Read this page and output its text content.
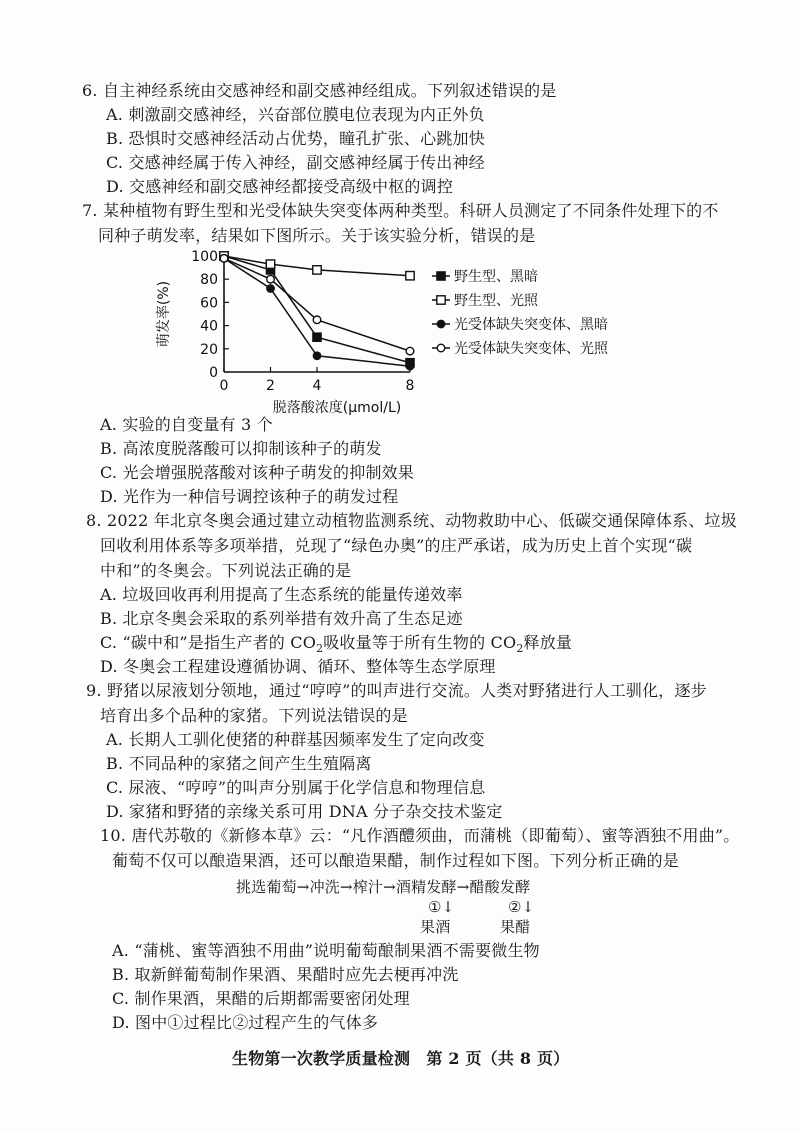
6. 自主神经系统由交感神经和副交感神经组成。下列叙述错误的是
A. 刺激副交感神经，兴奋部位膜电位表现为内正外负
B. 恐惧时交感神经活动占优势，瞳孔扩张、心跳加快
C. 交感神经属于传入神经，副交感神经属于传出神经
D. 交感神经和副交感神经都接受高级中枢的调控
7. 某种植物有野生型和光受体缺失突变体两种类型。科研人员测定了不同条件处理下的不
同种子萌发率，结果如下图所示。关于该实验分析，错误的是
100
80
60
40
20
0
0	2	4	8
脱落酸浓度(μmol/L)
萌发率(%)
野生型、黑暗
野生型、光照
光受体缺失突变体、黑暗
光受体缺失突变体、光照
A. 实验的自变量有 3 个
B. 高浓度脱落酸可以抑制该种子的萌发
C. 光会增强脱落酸对该种子萌发的抑制效果
D. 光作为一种信号调控该种子的萌发过程
8. 2022 年北京冬奥会通过建立动植物监测系统、动物救助中心、低碳交通保障体系、垃圾
回收利用体系等多项举措，兑现了“绿色办奥”的庄严承诺，成为历史上首个实现“碳
中和”的冬奥会。下列说法正确的是
A. 垃圾回收再利用提高了生态系统的能量传递效率
B. 北京冬奥会采取的系列举措有效升高了生态足迹
C. “碳中和”是指生产者的 $CO_2$吸收量等于所有生物的 $CO_2$释放量
D. 冬奥会工程建设遵循协调、循环、整体等生态学原理
9. 野猪以尿液划分领地，通过“哼哼”的叫声进行交流。人类对野猪进行人工驯化，逐步
培育出多个品种的家猪。下列说法错误的是
A. 长期人工驯化使猪的种群基因频率发生了定向改变
B. 不同品种的家猪之间产生生殖隔离
C. 尿液、“哼哼”的叫声分别属于化学信息和物理信息
D. 家猪和野猪的亲缘关系可用 DNA 分子杂交技术鉴定
10. 唐代苏敬的《新修本草》云：“凡作酒醴须曲，而蒲桃（即葡萄）、蜜等酒独不用曲”。
葡萄不仅可以酿造果酒，还可以酿造果醋，制作过程如下图。下列分析正确的是
挑选葡萄→冲洗→榨汁→酒精发酵→醋酸发酵
①↓	②↓
果酒	果醋
A. “蒲桃、蜜等酒独不用曲”说明葡萄酿制果酒不需要微生物
B. 取新鲜葡萄制作果酒、果醋时应先去梗再冲洗
C. 制作果酒，果醋的后期都需要密闭处理
D. 图中①过程比②过程产生的气体多
生物第一次教学质量检测　第 2 页（共 8 页）
